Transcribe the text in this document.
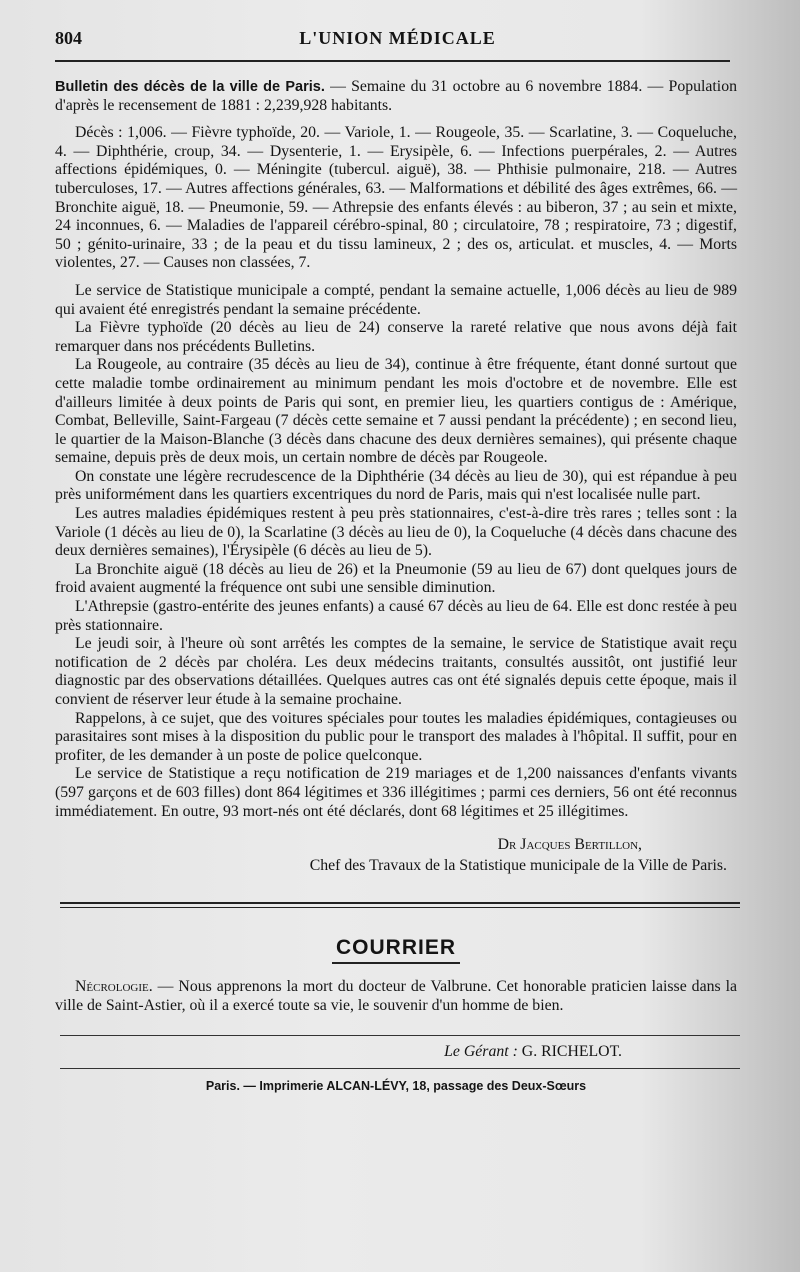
804	L'UNION MÉDICALE

Bulletin des décès de la ville de Paris. — Semaine du 31 octobre au 6 novembre 1884. — Population d'après le recensement de 1881 : 2,239,928 habitants.

Décès : 1,006. — Fièvre typhoïde, 20. — Variole, 1. — Rougeole, 35. — Scarlatine, 3. — Coqueluche, 4. — Diphthérie, croup, 34. — Dysenterie, 1. — Erysipèle, 6. — Infections puerpérales, 2. — Autres affections épidémiques, 0. — Méningite (tubercul. aiguë), 38. — Phthisie pulmonaire, 218. — Autres tuberculoses, 17. — Autres affections générales, 63. — Malformations et débilité des âges extrêmes, 66. — Bronchite aiguë, 18. — Pneumonie, 59. — Athrepsie des enfants élevés : au biberon, 37 ; au sein et mixte, 24 inconnues, 6. — Maladies de l'appareil cérébro-spinal, 80 ; circulatoire, 78 ; respiratoire, 73 ; digestif, 50 ; génito-urinaire, 33 ; de la peau et du tissu lamineux, 2 ; des os, articulat. et muscles, 4. — Morts violentes, 27. — Causes non classées, 7.

Le service de Statistique municipale a compté, pendant la semaine actuelle, 1,006 décès au lieu de 989 qui avaient été enregistrés pendant la semaine précédente.

La Fièvre typhoïde (20 décès au lieu de 24) conserve la rareté relative que nous avons déjà fait remarquer dans nos précédents Bulletins.

La Rougeole, au contraire (35 décès au lieu de 34), continue à être fréquente, étant donné surtout que cette maladie tombe ordinairement au minimum pendant les mois d'octobre et de novembre. Elle est d'ailleurs limitée à deux points de Paris qui sont, en premier lieu, les quartiers contigus de : Amérique, Combat, Belleville, Saint-Fargeau (7 décès cette semaine et 7 aussi pendant la précédente) ; en second lieu, le quartier de la Maison-Blanche (3 décès dans chacune des deux dernières semaines), qui présente chaque semaine, depuis près de deux mois, un certain nombre de décès par Rougeole.

On constate une légère recrudescence de la Diphthérie (34 décès au lieu de 30), qui est répandue à peu près uniformément dans les quartiers excentriques du nord de Paris, mais qui n'est localisée nulle part.

Les autres maladies épidémiques restent à peu près stationnaires, c'est-à-dire très rares ; telles sont : la Variole (1 décès au lieu de 0), la Scarlatine (3 décès au lieu de 0), la Coqueluche (4 décès dans chacune des deux dernières semaines), l'Érysipèle (6 décès au lieu de 5).

La Bronchite aiguë (18 décès au lieu de 26) et la Pneumonie (59 au lieu de 67) dont quelques jours de froid avaient augmenté la fréquence ont subi une sensible diminution.

L'Athrepsie (gastro-entérite des jeunes enfants) a causé 67 décès au lieu de 64. Elle est donc restée à peu près stationnaire.

Le jeudi soir, à l'heure où sont arrêtés les comptes de la semaine, le service de Statistique avait reçu notification de 2 décès par choléra. Les deux médecins traitants, consultés aussitôt, ont justifié leur diagnostic par des observations détaillées. Quelques autres cas ont été signalés depuis cette époque, mais il convient de réserver leur étude à la semaine prochaine.

Rappelons, à ce sujet, que des voitures spéciales pour toutes les maladies épidémiques, contagieuses ou parasitaires sont mises à la disposition du public pour le transport des malades à l'hôpital. Il suffit, pour en profiter, de les demander à un poste de police quelconque.

Le service de Statistique a reçu notification de 219 mariages et de 1,200 naissances d'enfants vivants (597 garçons et de 603 filles) dont 864 légitimes et 336 illégitimes ; parmi ces derniers, 56 ont été reconnus immédiatement. En outre, 93 mort-nés ont été déclarés, dont 68 légitimes et 25 illégitimes.

Dr Jacques Bertillon,
Chef des Travaux de la Statistique municipale de la Ville de Paris.
COURRIER

Nécrologie. — Nous apprenons la mort du docteur de Valbrune. Cet honorable praticien laisse dans la ville de Saint-Astier, où il a exercé toute sa vie, le souvenir d'un homme de bien.

Le Gérant : G. RICHELOT.
Paris. — Imprimerie ALCAN-LÉVY, 18, passage des Deux-Sœurs
